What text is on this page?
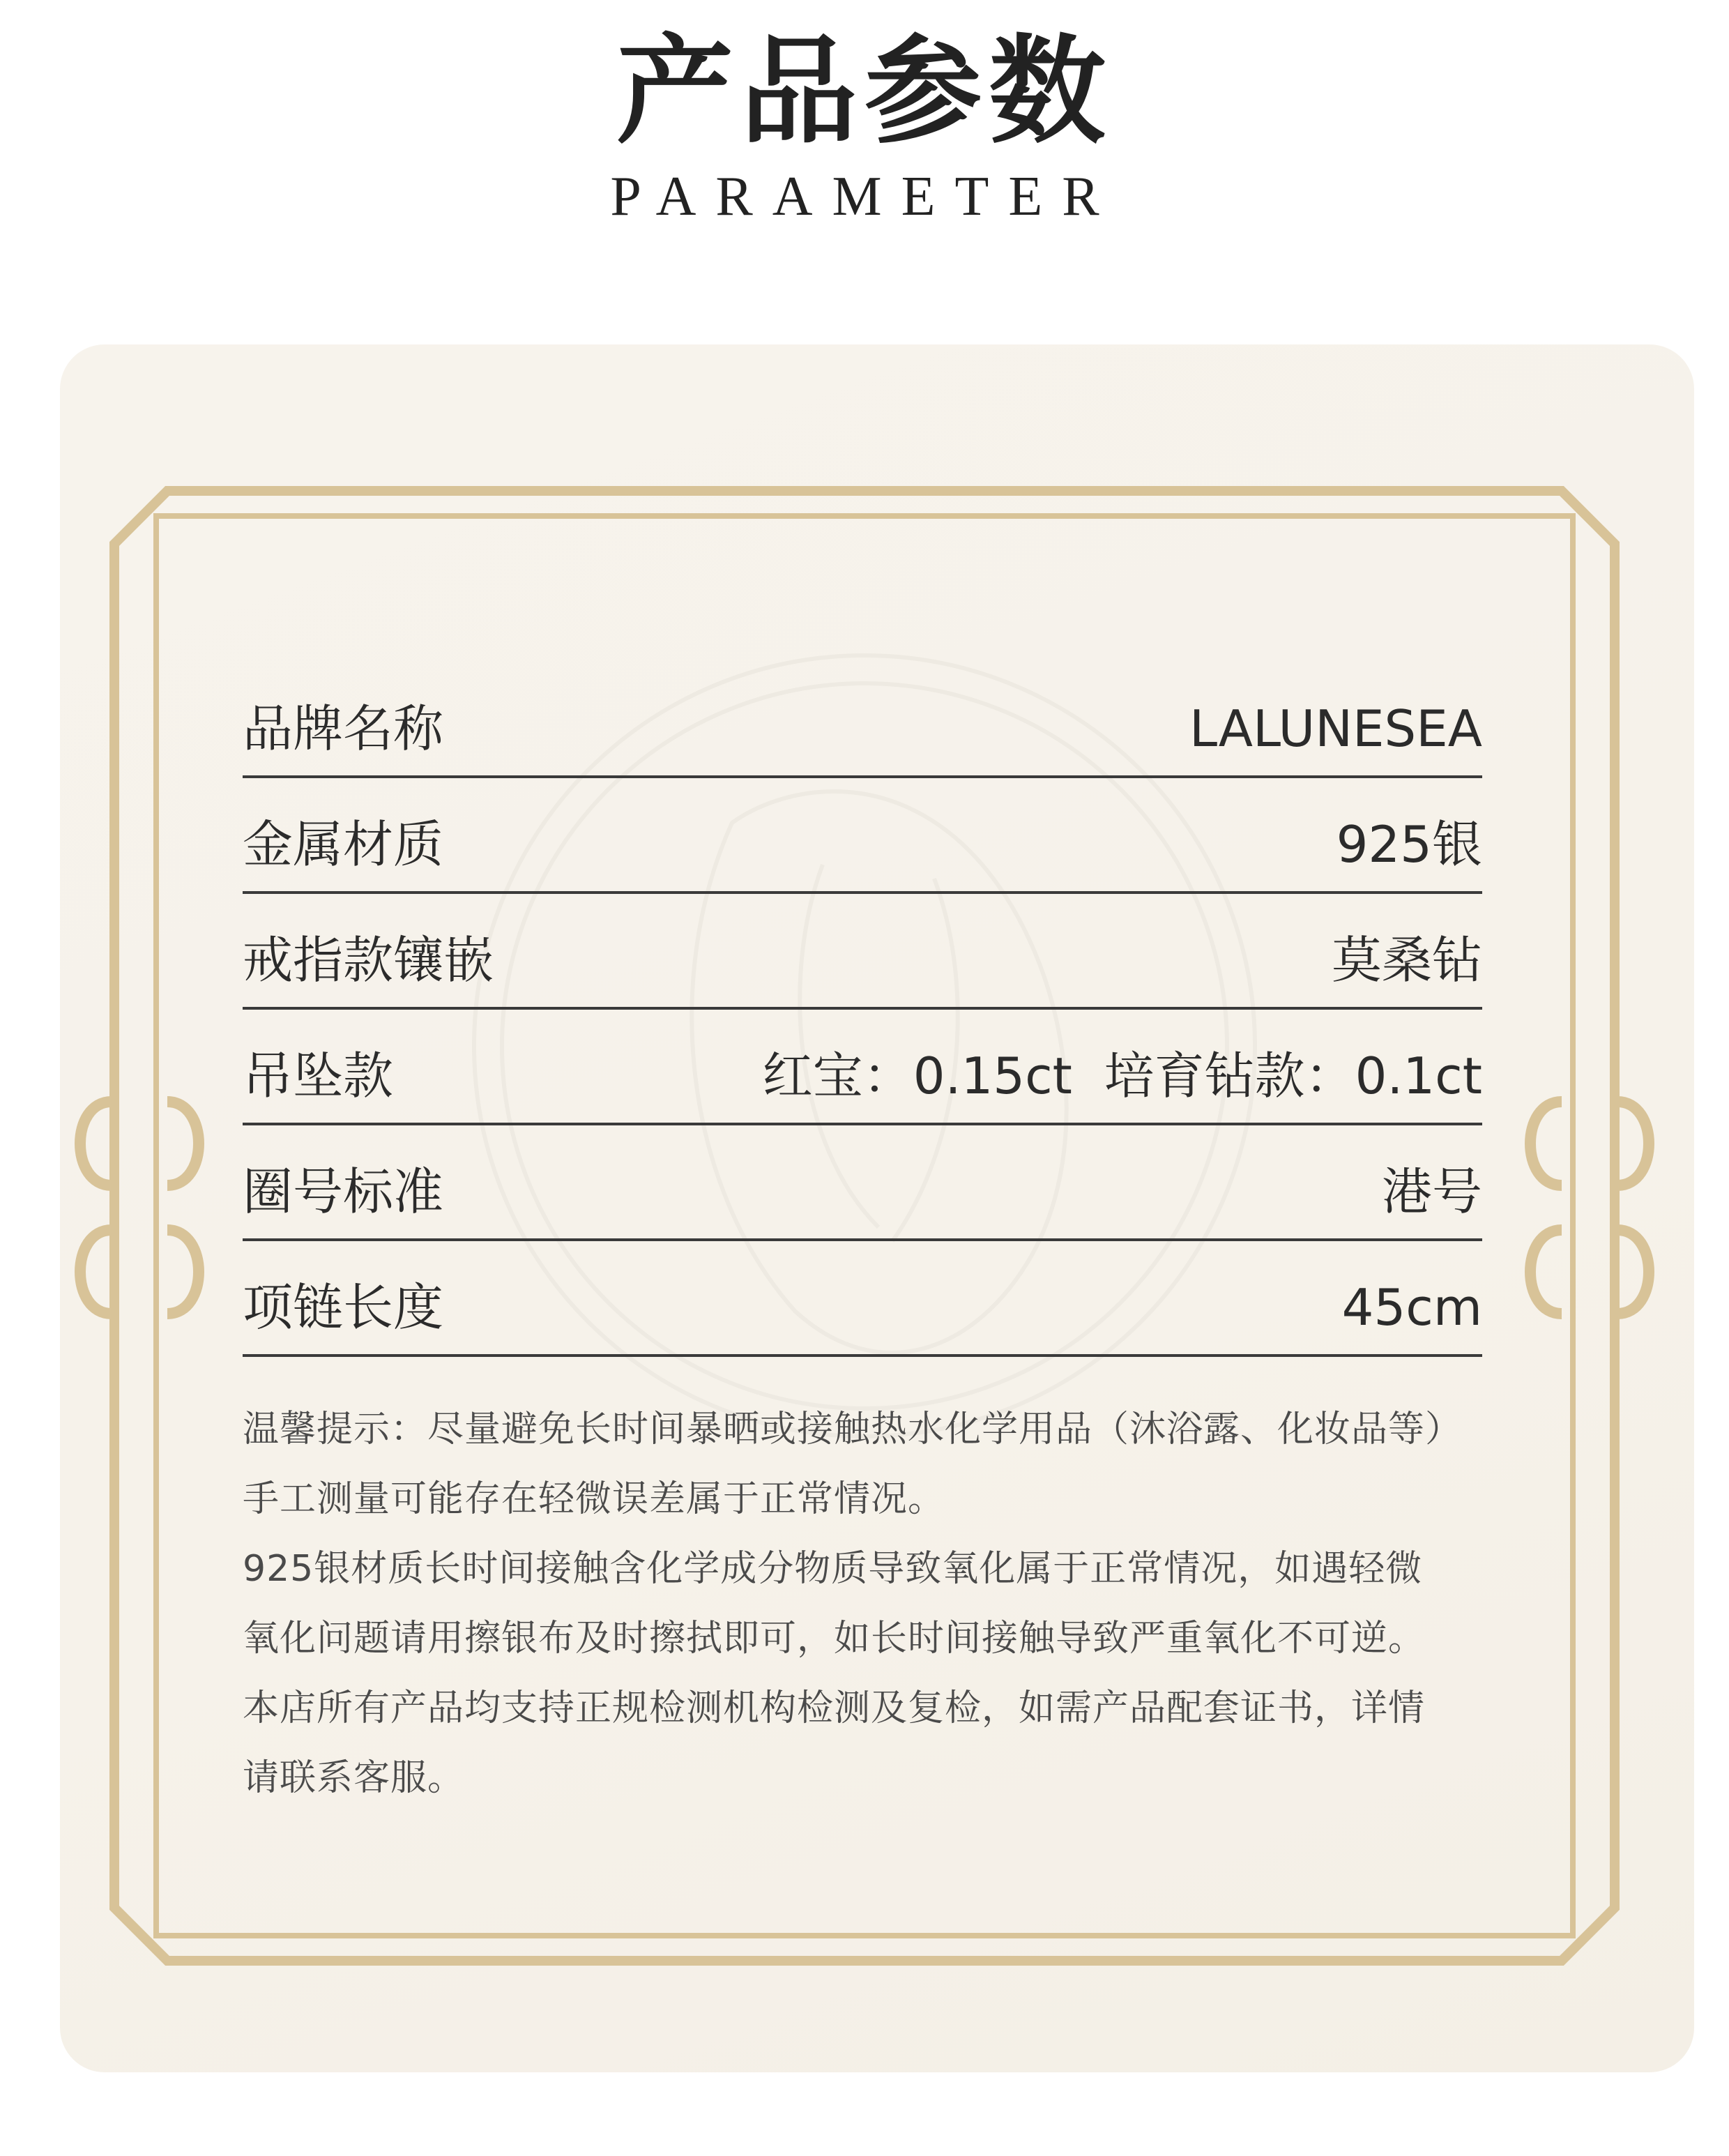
产品参数
PARAMETER
品牌名称	LALUNESEA
金属材质	925银
戒指款镶嵌	莫桑钻
吊坠款	红宝：0.15ct  培育钻款：0.1ct
圈号标准	港号
项链长度	45cm
温馨提示：尽量避免长时间暴晒或接触热水化学用品（沐浴露、化妆品等）
手工测量可能存在轻微误差属于正常情况。
925银材质长时间接触含化学成分物质导致氧化属于正常情况，如遇轻微
氧化问题请用擦银布及时擦拭即可，如长时间接触导致严重氧化不可逆。
本店所有产品均支持正规检测机构检测及复检，如需产品配套证书，详情
请联系客服。
